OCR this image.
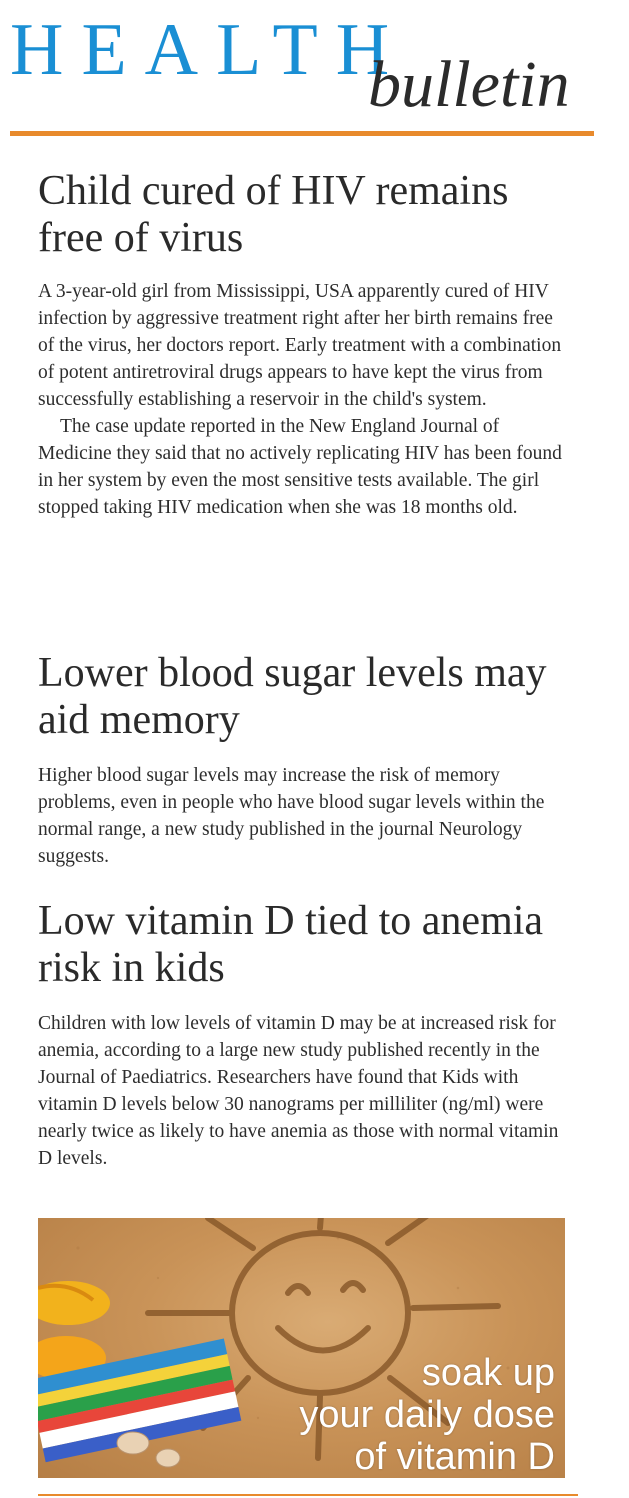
HEALTH
bulletin
Child cured of HIV remains free of virus

A 3-year-old girl from Mississippi, USA apparently cured of HIV infection by aggressive treatment right after her birth remains free of the virus, her doctors report. Early treatment with a combination of potent antiretroviral drugs appears to have kept the virus from successfully establishing a reservoir in the child's system.

The case update reported in the New England Journal of Medicine they said that no actively replicating HIV has been found in her system by even the most sensitive tests available. The girl stopped taking HIV medication when she was 18 months old.

Lower blood sugar levels may aid memory

Higher blood sugar levels may increase the risk of memory problems, even in people who have blood sugar levels within the normal range, a new study published in the journal Neurology suggests.

Low vitamin D tied to anemia risk in kids

Children with low levels of vitamin D may be at increased risk for anemia, according to a large new study published recently in the Journal of Paediatrics. Researchers have found that Kids with vitamin D levels below 30 nanograms per milliliter (ng/ml) were nearly twice as likely to have anemia as those with normal vitamin D levels.

soak up
your daily dose
of vitamin D
